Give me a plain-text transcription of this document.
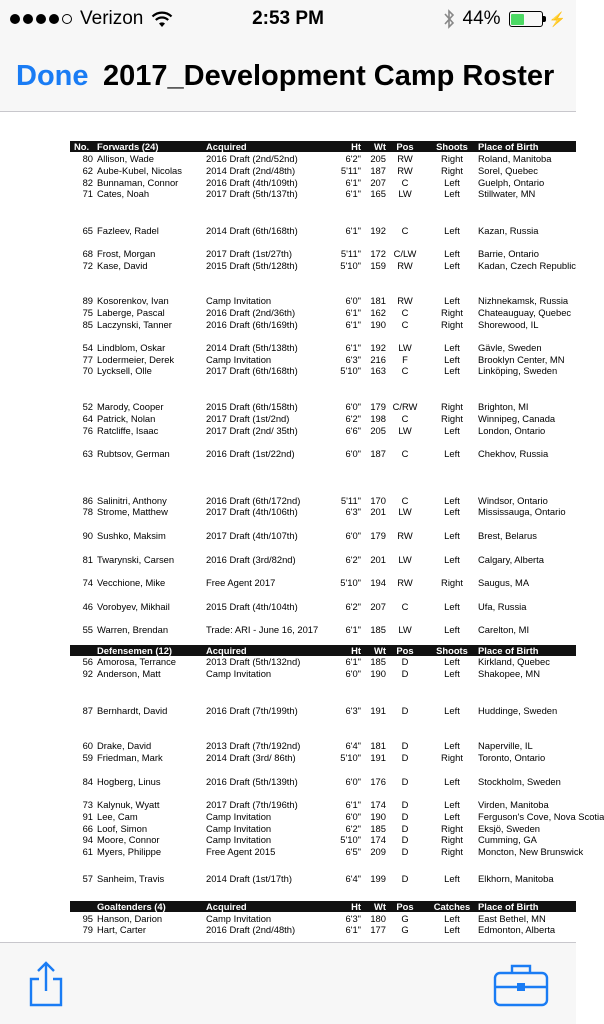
Verizon	2:53 PM	44%	⚡
Done 2017_Development Camp Roster
No. Forwards (24)	Acquired	Ht	Wt	Pos	Shoots	Place of Birth
80 Allison, Wade	2016 Draft (2nd/52nd)	6'2" 205	RW	Right	Roland, Manitoba
62 Aube-Kubel, Nicolas	2014 Draft (2nd/48th)	5'11" 187	RW	Right	Sorel, Quebec
82 Bunnaman, Connor	2016 Draft (4th/109th)	6'1" 207	C	Left	Guelph, Ontario
71 Cates, Noah	2017 Draft (5th/137th)	6'1" 165	LW	Left	Stillwater, MN
65 Fazleev, Radel	2014 Draft (6th/168th)	6'1" 192	C	Left	Kazan, Russia
68 Frost, Morgan	2017 Draft (1st/27th)	5'11" 172 C/LW	Left	Barrie, Ontario
72 Kase, David	2015 Draft (5th/128th)	5'10" 159	RW	Left	Kadan, Czech Republic
89 Kosorenkov, Ivan	Camp Invitation	6'0" 181	RW	Left	Nizhnekamsk, Russia
75 Laberge, Pascal	2016 Draft (2nd/36th)	6'1" 162	C	Right	Chateauguay, Quebec
85 Laczynski, Tanner	2016 Draft (6th/169th)	6'1" 190	C	Right	Shorewood, IL
54 Lindblom, Oskar	2014 Draft (5th/138th)	6'1" 192	LW	Left	Gävle, Sweden
77 Lodermeier, Derek	Camp Invitation	6'3" 216	F	Left	Brooklyn Center, MN
70 Lycksell, Olle	2017 Draft (6th/168th)	5'10" 163	C	Left	Linköping, Sweden
52 Marody, Cooper	2015 Draft (6th/158th)	6'0" 179 C/RW	Right	Brighton, MI
64 Patrick, Nolan	2017 Draft (1st/2nd)	6'2" 198	C	Right	Winnipeg, Canada
76 Ratcliffe, Isaac	2017 Draft (2nd/ 35th)	6'6" 205	LW	Left	London, Ontario
63 Rubtsov, German	2016 Draft (1st/22nd)	6'0" 187	C	Left	Chekhov, Russia
86 Salinitri, Anthony	2016 Draft (6th/172nd)	5'11" 170	C	Left	Windsor, Ontario
78 Strome, Matthew	2017 Draft (4th/106th)	6'3" 201	LW	Left	Mississauga, Ontario
90 Sushko, Maksim	2017 Draft (4th/107th)	6'0" 179	RW	Left	Brest, Belarus
81 Twarynski, Carsen	2016 Draft (3rd/82nd)	6'2" 201	LW	Left	Calgary, Alberta
74 Vecchione, Mike	Free Agent 2017	5'10" 194	RW	Right	Saugus, MA
46 Vorobyev, Mikhail	2015 Draft (4th/104th)	6'2" 207	C	Left	Ufa, Russia
55 Warren, Brendan	Trade: ARI - June 16, 2017	6'1" 185	LW	Left	Carelton, MI
Defensemen (12)	Acquired	Ht	Wt	Pos	Shoots	Place of Birth
56 Amorosa, Terrance	2013 Draft (5th/132nd)	6'1" 185	D	Left	Kirkland, Quebec
92 Anderson, Matt	Camp Invitation	6'0" 190	D	Left	Shakopee, MN
87 Bernhardt, David	2016 Draft (7th/199th)	6'3" 191	D	Left	Huddinge, Sweden
60 Drake, David	2013 Draft (7th/192nd)	6'4" 181	D	Left	Naperville, IL
59 Friedman, Mark	2014 Draft (3rd/ 86th)	5'10" 191	D	Right	Toronto, Ontario
84 Hogberg, Linus	2016 Draft (5th/139th)	6'0" 176	D	Left	Stockholm, Sweden
73 Kalynuk, Wyatt	2017 Draft (7th/196th)	6'1" 174	D	Left	Virden, Manitoba
91 Lee, Cam	Camp Invitation	6'0" 190	D	Left	Ferguson's Cove, Nova Scotia
66 Loof, Simon	Camp Invitation	6'2" 185	D	Right	Eksjö, Sweden
94 Moore, Connor	Camp Invitation	5'10" 174	D	Right	Cumming, GA
61 Myers, Philippe	Free Agent 2015	6'5" 209	D	Right	Moncton, New Brunswick
57 Sanheim, Travis	2014 Draft (1st/17th)	6'4" 199	D	Left	Elkhorn, Manitoba
Goaltenders (4)	Acquired	Ht	Wt	Pos	Catches Place of Birth
95 Hanson, Darion	Camp Invitation	6'3" 180	G	Left	East Bethel, MN
79 Hart, Carter	2016 Draft (2nd/48th)	6'1" 177	G	Left	Edmonton, Alberta
